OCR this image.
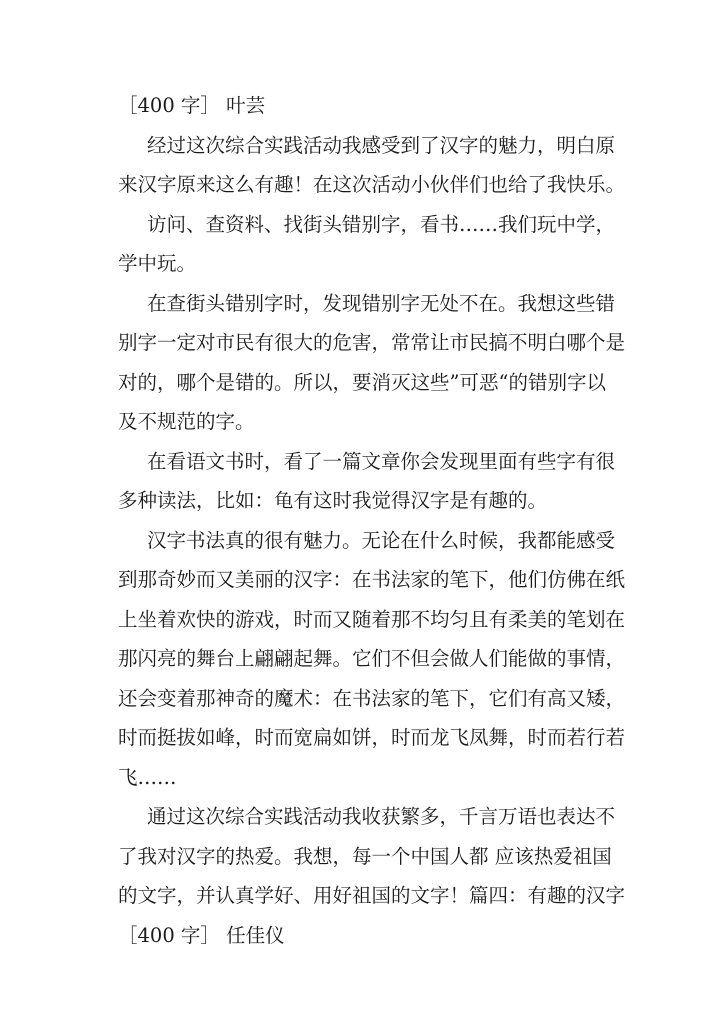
［400 字］ 叶芸
经过这次综合实践活动我感受到了汉字的魅力，明白原
来汉字原来这么有趣！在这次活动小伙伴们也给了我快乐。
访问、查资料、找街头错别字，看书……我们玩中学，
学中玩。
在查街头错别字时，发现错别字无处不在。我想这些错
别字一定对市民有很大的危害，常常让市民搞不明白哪个是
对的，哪个是错的。所以，要消灭这些”可恶“的错别字以
及不规范的字。
在看语文书时，看了一篇文章你会发现里面有些字有很
多种读法，比如：龟有这时我觉得汉字是有趣的。
汉字书法真的很有魅力。无论在什么时候，我都能感受
到那奇妙而又美丽的汉字：在书法家的笔下，他们仿佛在纸
上坐着欢快的游戏，时而又随着那不均匀且有柔美的笔划在
那闪亮的舞台上翩翩起舞。它们不但会做人们能做的事情，
还会变着那神奇的魔术：在书法家的笔下，它们有高又矮，
时而挺拔如峰，时而宽扁如饼，时而龙飞凤舞，时而若行若
飞……
通过这次综合实践活动我收获繁多，千言万语也表达不
了我对汉字的热爱。我想，每一个中国人都 应该热爱祖国
的文字，并认真学好、用好祖国的文字！篇四：有趣的汉字
［400 字］ 任佳仪
